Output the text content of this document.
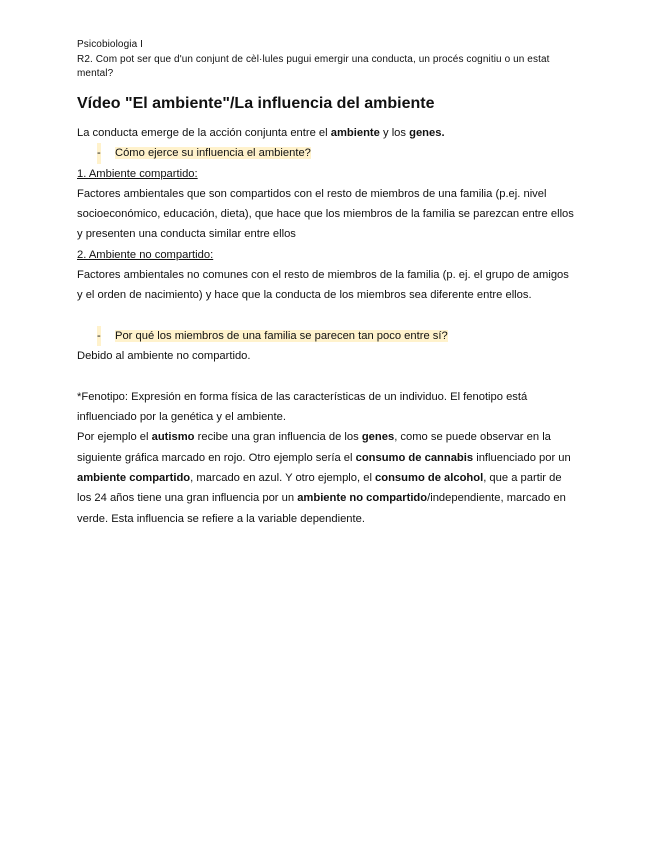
Psicobiologia I
R2. Com pot ser que d'un conjunt de cèl·lules pugui emergir una conducta, un procés cognitiu o un estat mental?
Vídeo "El ambiente"/La influencia del ambiente
La conducta emerge de la acción conjunta entre el ambiente y los genes.
- Cómo ejerce su influencia el ambiente?
1. Ambiente compartido:
Factores ambientales que son compartidos con el resto de miembros de una familia (p.ej. nivel socioeconómico, educación, dieta), que hace que los miembros de la familia se parezcan entre ellos y presenten una conducta similar entre ellos
2. Ambiente no compartido:
Factores ambientales no comunes con el resto de miembros de la familia (p. ej. el grupo de amigos y el orden de nacimiento) y hace que la conducta de los miembros sea diferente entre ellos.
- Por qué los miembros de una familia se parecen tan poco entre sí?
Debido al ambiente no compartido.
*Fenotipo: Expresión en forma física de las características de un individuo. El fenotipo está influenciado por la genética y el ambiente.
Por ejemplo el autismo recibe una gran influencia de los genes, como se puede observar en la siguiente gráfica marcado en rojo. Otro ejemplo sería el consumo de cannabis influenciado por un ambiente compartido, marcado en azul. Y otro ejemplo, el consumo de alcohol, que a partir de los 24 años tiene una gran influencia por un ambiente no compartido/independiente, marcado en verde. Esta influencia se refiere a la variable dependiente.
